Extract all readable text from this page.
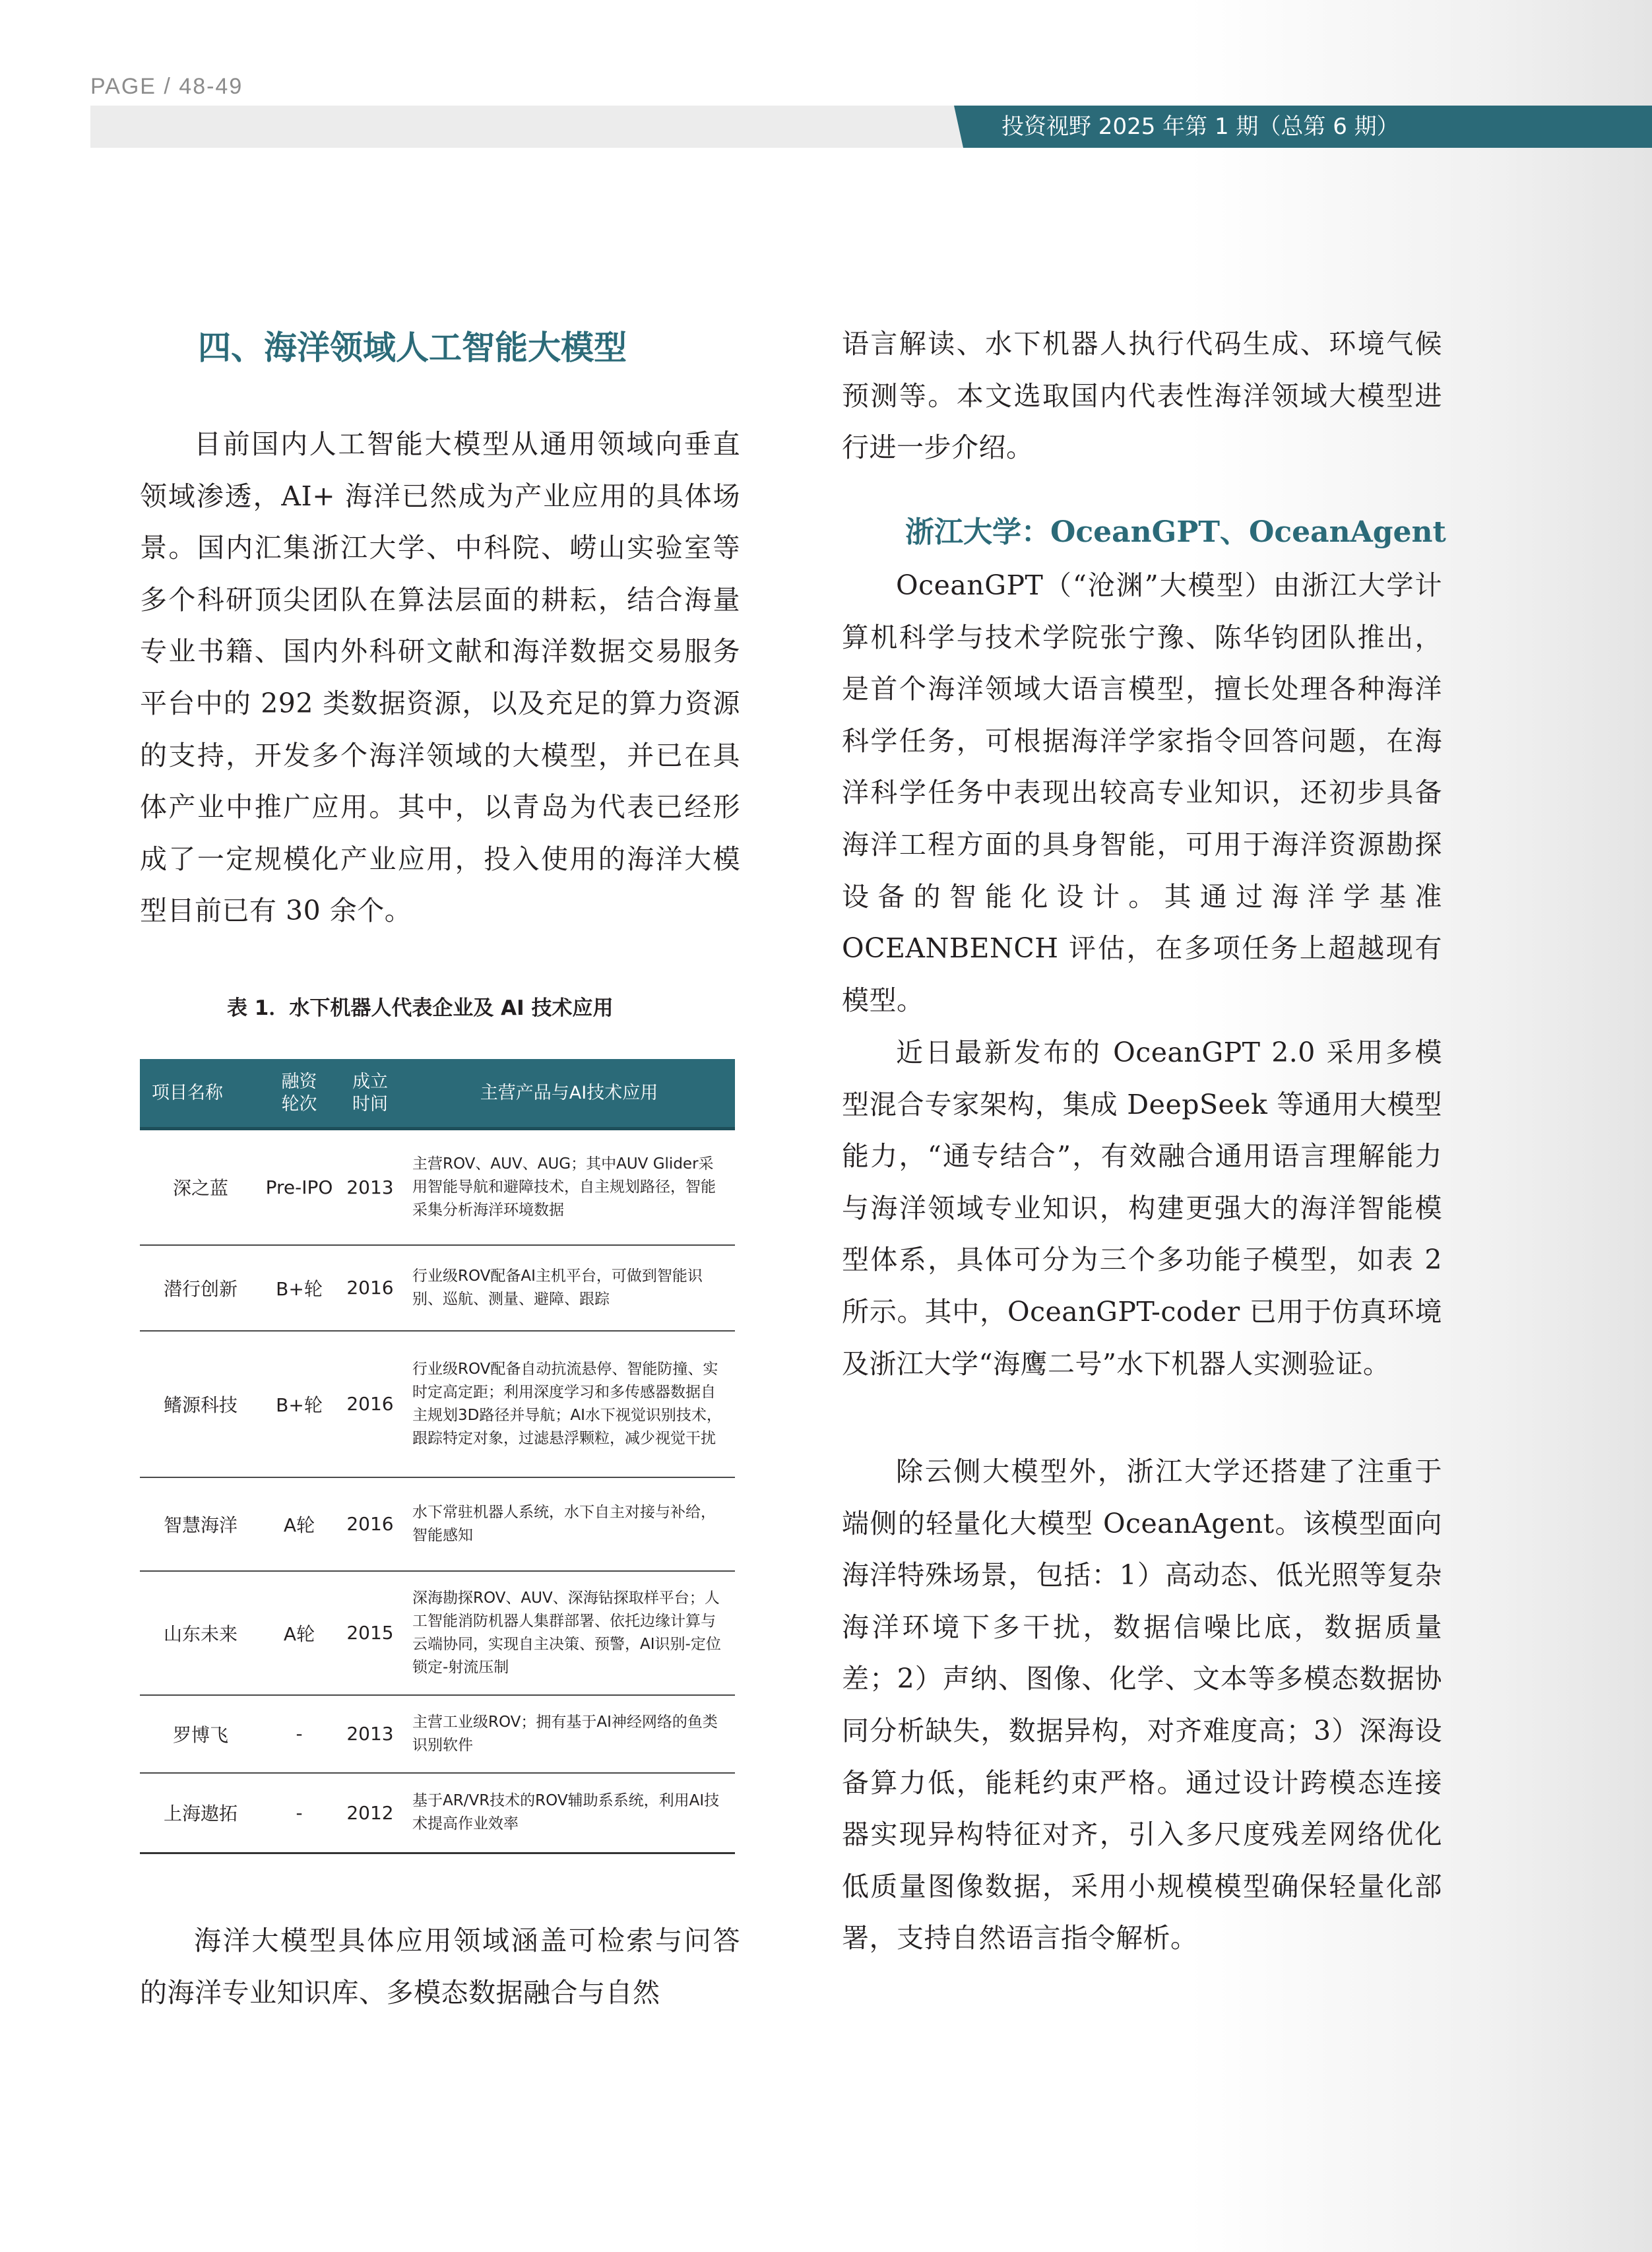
PAGE / 48-49
投资视野 2025 年第 1 期（总第 6 期）
四、海洋领域人工智能大模型

目前国内人工智能大模型从通用领域向垂直领域渗透，AI+ 海洋已然成为产业应用的具体场景。国内汇集浙江大学、中科院、崂山实验室等多个科研顶尖团队在算法层面的耕耘，结合海量专业书籍、国内外科研文献和海洋数据交易服务平台中的 292 类数据资源，以及充足的算力资源的支持，开发多个海洋领域的大模型，并已在具体产业中推广应用。其中，以青岛为代表已经形成了一定规模化产业应用，投入使用的海洋大模型目前已有 30 余个。

表 1．水下机器人代表企业及 AI 技术应用
项目名称	融资轮次	成立时间	主营产品与AI技术应用
深之蓝	Pre-IPO	2013	主营ROV、AUV、AUG；其中AUV Glider采用智能导航和避障技术，自主规划路径，智能采集分析海洋环境数据
潜行创新	B+轮	2016	行业级ROV配备AI主机平台，可做到智能识别、巡航、测量、避障、跟踪
鳍源科技	B+轮	2016	行业级ROV配备自动抗流悬停、智能防撞、实时定高定距；利用深度学习和多传感器数据自主规划3D路径并导航；AI水下视觉识别技术，跟踪特定对象，过滤悬浮颗粒，减少视觉干扰
智慧海洋	A轮	2016	水下常驻机器人系统，水下自主对接与补给，智能感知
山东未来	A轮	2015	深海勘探ROV、AUV、深海钻探取样平台；人工智能消防机器人集群部署、依托边缘计算与云端协同，实现自主决策、预警，AI识别-定位锁定-射流压制
罗博飞	-	2013	主营工业级ROV；拥有基于AI神经网络的鱼类识别软件
上海遨拓	-	2012	基于AR/VR技术的ROV辅助系系统，利用AI技术提高作业效率

海洋大模型具体应用领域涵盖可检索与问答的海洋专业知识库、多模态数据融合与自然

语言解读、水下机器人执行代码生成、环境气候预测等。本文选取国内代表性海洋领域大模型进行进一步介绍。

浙江大学：OceanGPT、OceanAgent

OceanGPT（“沧渊”大模型）由浙江大学计算机科学与技术学院张宁豫、陈华钧团队推出，是首个海洋领域大语言模型，擅长处理各种海洋科学任务，可根据海洋学家指令回答问题，在海洋科学任务中表现出较高专业知识，还初步具备海洋工程方面的具身智能，可用于海洋资源勘探设备的智能化设计。其通过海洋学基准 OCEANBENCH 评估，在多项任务上超越现有模型。

近日最新发布的 OceanGPT 2.0 采用多模型混合专家架构，集成 DeepSeek 等通用大模型能力，“通专结合”，有效融合通用语言理解能力与海洋领域专业知识，构建更强大的海洋智能模型体系，具体可分为三个多功能子模型，如表 2 所示。其中，OceanGPT-coder 已用于仿真环境及浙江大学“海鹰二号”水下机器人实测验证。

除云侧大模型外，浙江大学还搭建了注重于端侧的轻量化大模型 OceanAgent。该模型面向海洋特殊场景，包括：1）高动态、低光照等复杂海洋环境下多干扰，数据信噪比底，数据质量差；2）声纳、图像、化学、文本等多模态数据协同分析缺失，数据异构，对齐难度高；3）深海设备算力低，能耗约束严格。通过设计跨模态连接器实现异构特征对齐，引入多尺度残差网络优化低质量图像数据，采用小规模模型确保轻量化部署，支持自然语言指令解析。
